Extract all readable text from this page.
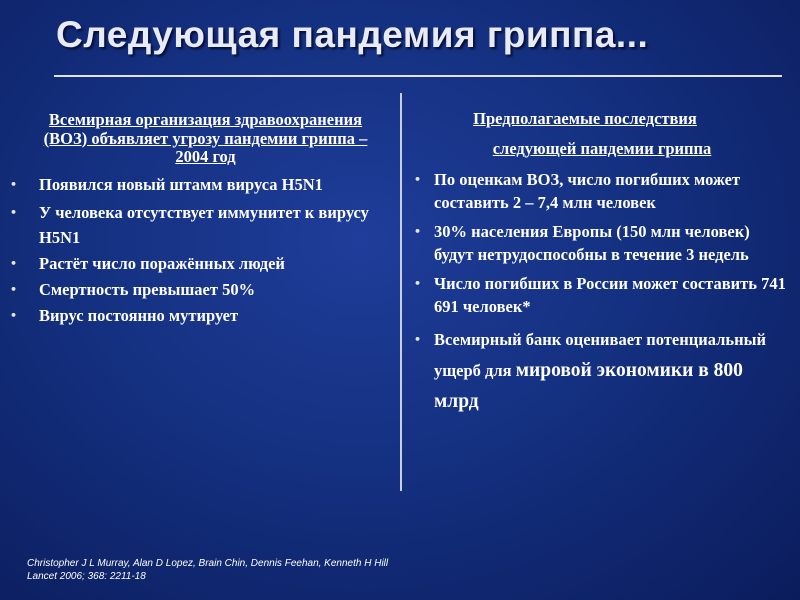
Следующая пандемия гриппа...
Всемирная организация здравоохранения (ВОЗ) объявляет угрозу пандемии гриппа – 2004 год
• Появился новый штамм вируса H5N1
• У человека отсутствует иммунитет к вирусу H5N1
• Растёт число поражённых людей
• Смертность превышает 50%
• Вирус постоянно мутирует
Предполагаемые последствия
следующей пандемии гриппа
• По оценкам ВОЗ, число погибших может составить 2 – 7,4 млн человек
• 30% населения Европы (150 млн человек) будут нетрудоспособны в течение 3 недель
• Число погибших в России может составить 741 691 человек*
• Всемирный банк оценивает потенциальный ущерб для мировой экономики в 800 млрд
Christopher J L Murray, Alan D Lopez, Brain Chin, Dennis Feehan, Kenneth H Hill
Lancet 2006; 368: 2211-18
